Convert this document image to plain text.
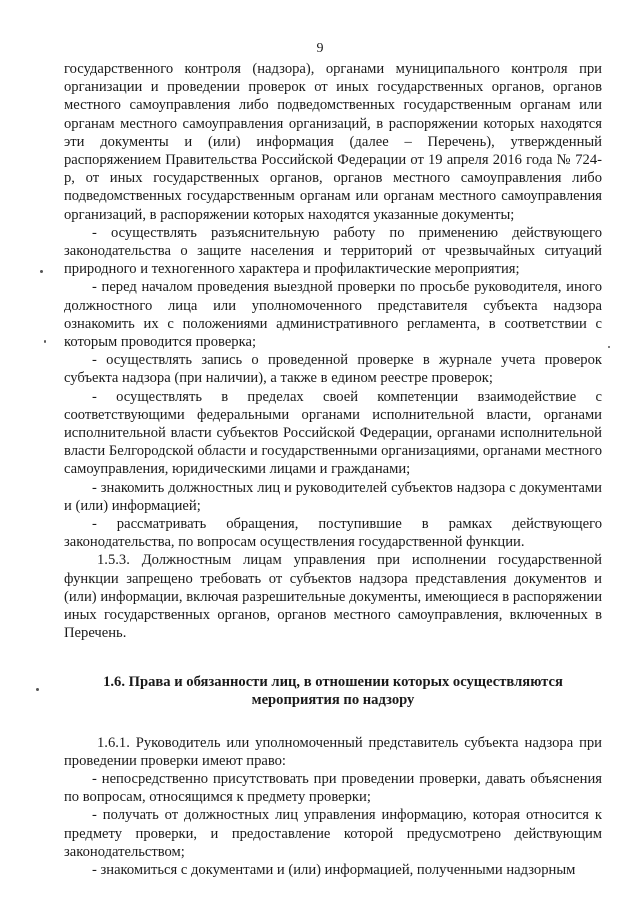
9

государственного контроля (надзора), органами муниципального контроля при организации и проведении проверок от иных государственных органов, органов местного самоуправления либо подведомственных государственным органам или органам местного самоуправления организаций, в распоряжении которых находятся эти документы и (или) информация (далее – Перечень), утвержденный распоряжением Правительства Российской Федерации от 19 апреля 2016 года № 724-р, от иных государственных органов, органов местного самоуправления либо подведомственных государственным органам или органам местного самоуправления организаций, в распоряжении которых находятся указанные документы;

- осуществлять разъяснительную работу по применению действующего законодательства о защите населения и территорий от чрезвычайных ситуаций природного и техногенного характера и профилактические мероприятия;

- перед началом проведения выездной проверки по просьбе руководителя, иного должностного лица или уполномоченного представителя субъекта надзора ознакомить их с положениями административного регламента, в соответствии с которым проводится проверка;

- осуществлять запись о проведенной проверке в журнале учета проверок субъекта надзора (при наличии), а также в едином реестре проверок;

- осуществлять в пределах своей компетенции взаимодействие с соответствующими федеральными органами исполнительной власти, органами исполнительной власти субъектов Российской Федерации, органами исполнительной власти Белгородской области и государственными организациями, органами местного самоуправления, юридическими лицами и гражданами;

- знакомить должностных лиц и руководителей субъектов надзора с документами и (или) информацией;

- рассматривать обращения, поступившие в рамках действующего законодательства, по вопросам осуществления государственной функции.

1.5.3. Должностным лицам управления при исполнении государственной функции запрещено требовать от субъектов надзора представления документов и (или) информации, включая разрешительные документы, имеющиеся в распоряжении иных государственных органов, органов местного самоуправления, включенных в Перечень.

1.6. Права и обязанности лиц, в отношении которых осуществляются мероприятия по надзору

1.6.1. Руководитель или уполномоченный представитель субъекта надзора при проведении проверки имеют право:

- непосредственно присутствовать при проведении проверки, давать объяснения по вопросам, относящимся к предмету проверки;

- получать от должностных лиц управления информацию, которая относится к предмету проверки, и предоставление которой предусмотрено действующим законодательством;

- знакомиться с документами и (или) информацией, полученными надзорным
